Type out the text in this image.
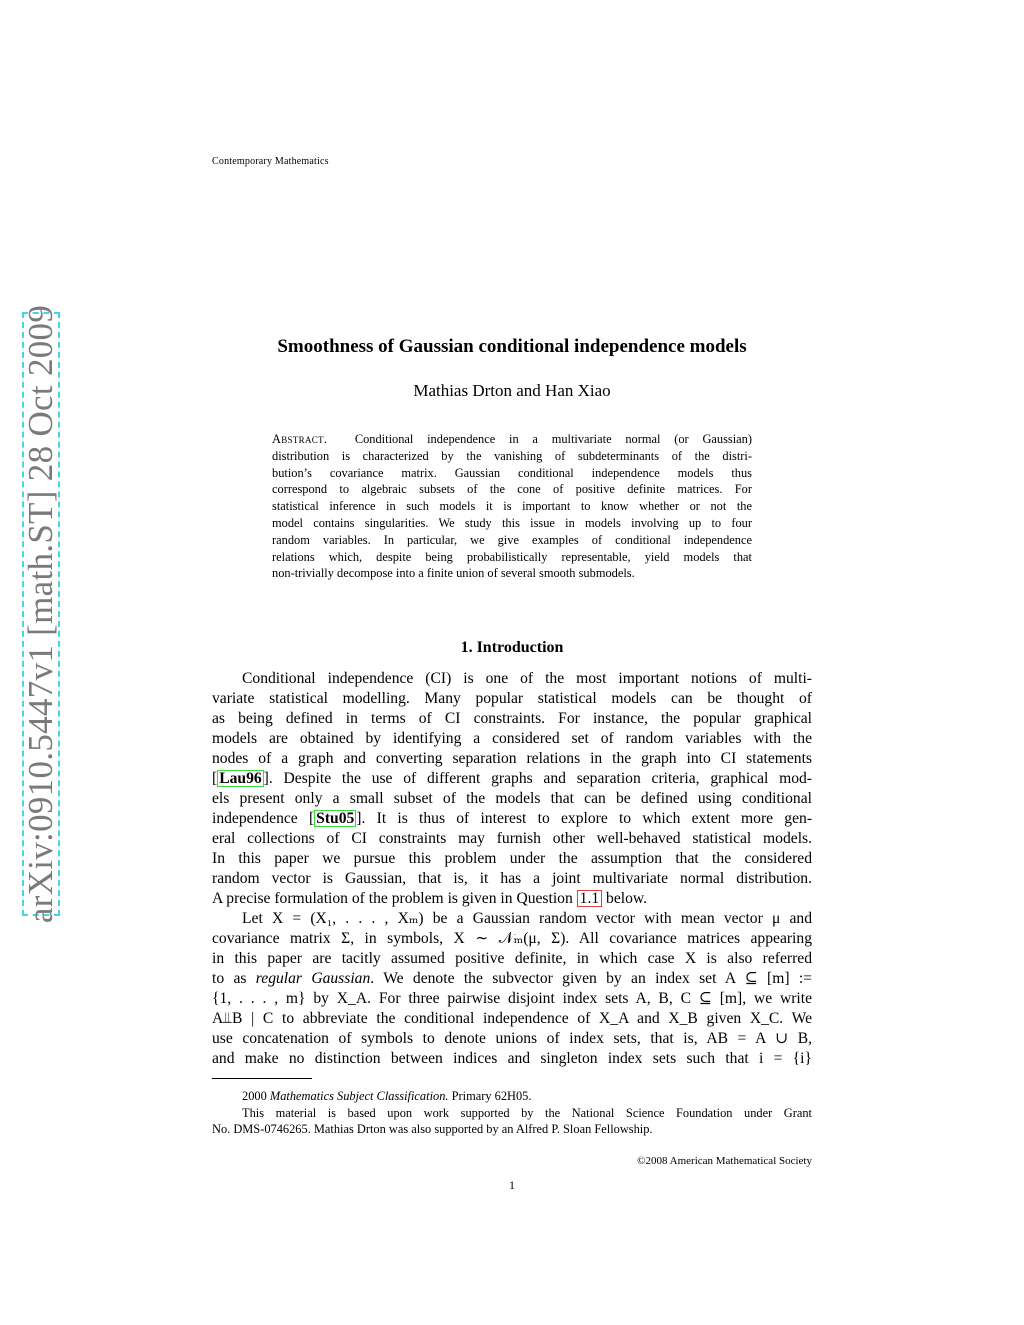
Contemporary Mathematics
arXiv:0910.5447v1 [math.ST] 28 Oct 2009	Smoothness of Gaussian conditional independence models
Mathias Drton and Han Xiao
Abstract. Conditional independence in a multivariate normal (or Gaussian)
distribution is characterized by the vanishing of subdeterminants of the distri-
bution’s covariance matrix. Gaussian conditional independence models thus
correspond to algebraic subsets of the cone of positive definite matrices. For
statistical inference in such models it is important to know whether or not the
model contains singularities. We study this issue in models involving up to four
random variables. In particular, we give examples of conditional independence
relations which, despite being probabilistically representable, yield models that
non-trivially decompose into a finite union of several smooth submodels.
1. Introduction
Conditional independence (CI) is one of the most important notions of multi-
variate statistical modelling. Many popular statistical models can be thought of
as being defined in terms of CI constraints. For instance, the popular graphical
models are obtained by identifying a considered set of random variables with the
nodes of a graph and converting separation relations in the graph into CI statements
[ Lau96 ]. Despite the use of different graphs and separation criteria, graphical mod-
els present only a small subset of the models that can be defined using conditional
independence [ Stu05 ]. It is thus of interest to explore to which extent more gen-
eral collections of CI constraints may furnish other well-behaved statistical models.
In this paper we pursue this problem under the assumption that the considered
random vector is Gaussian, that is, it has a joint multivariate normal distribution.
A precise formulation of the problem is given in Question 1.1 below.
Let X = (X₁, . . . , Xₘ) be a Gaussian random vector with mean vector μ and
covariance matrix Σ, in symbols, X ∼ 𝒩ₘ(μ, Σ). All covariance matrices appearing
in this paper are tacitly assumed positive definite, in which case X is also referred
to as regular Gaussian. We denote the subvector given by an index set A ⊆ [m] :=
{1, . . . , m} by X_A. For three pairwise disjoint index sets A, B, C ⊆ [m], we write
A⫫B | C to abbreviate the conditional independence of X_A and X_B given X_C. We
use concatenation of symbols to denote unions of index sets, that is, AB = A ∪ B,
and make no distinction between indices and singleton index sets such that i = {i}
2000 Mathematics Subject Classification. Primary 62H05.
This material is based upon work supported by the National Science Foundation under Grant
No. DMS-0746265. Mathias Drton was also supported by an Alfred P. Sloan Fellowship.
©2008 American Mathematical Society
1
